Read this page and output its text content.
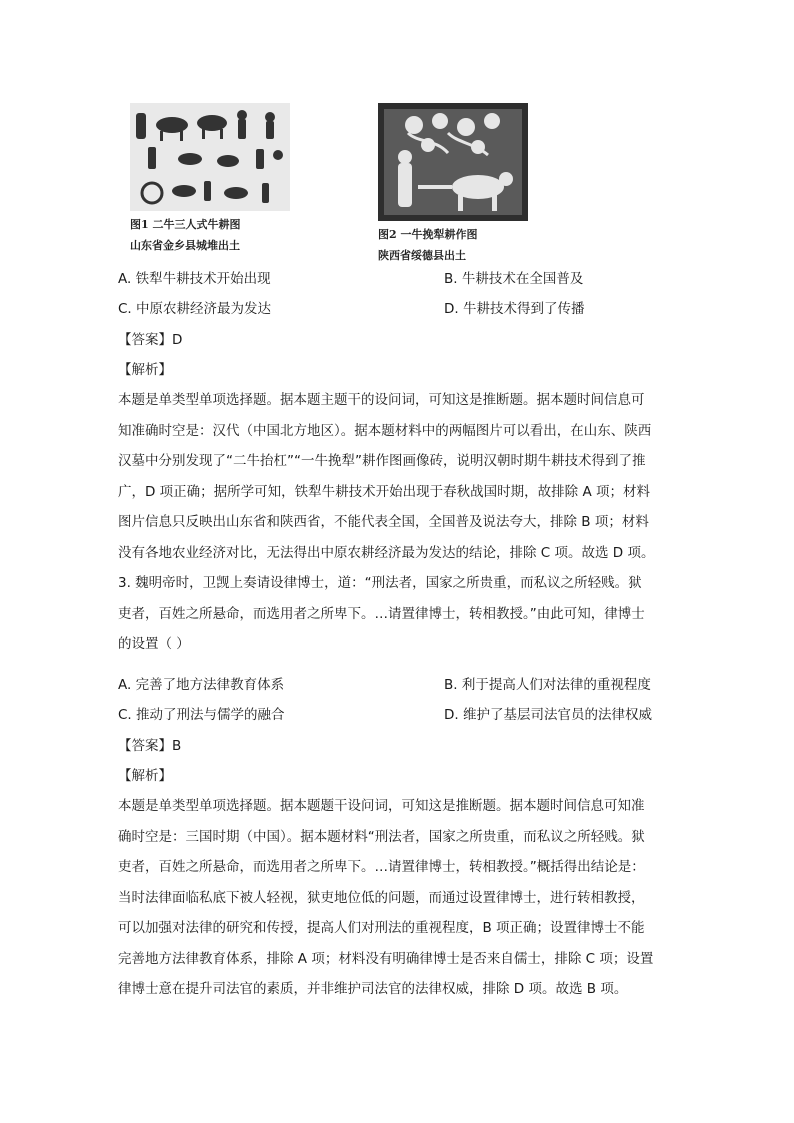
图1 二牛三人式牛耕图
山东省金乡县城堆出土
图2 一牛挽犁耕作图
陕西省绥德县出土
A. 铁犁牛耕技术开始出现	B. 牛耕技术在全国普及
C. 中原农耕经济最为发达	D. 牛耕技术得到了传播
【答案】D
【解析】
本题是单类型单项选择题。据本题主题干的设问词，可知这是推断题。据本题时间信息可
知准确时空是：汉代（中国北方地区）。据本题材料中的两幅图片可以看出，在山东、陕西
汉墓中分别发现了“二牛抬杠”“一牛挽犁”耕作图画像砖，说明汉朝时期牛耕技术得到了推
广，D 项正确；据所学可知，铁犁牛耕技术开始出现于春秋战国时期，故排除 A 项；材料
图片信息只反映出山东省和陕西省，不能代表全国，全国普及说法夸大，排除 B 项；材料
没有各地农业经济对比，无法得出中原农耕经济最为发达的结论，排除 C 项。故选 D 项。
3. 魏明帝时，卫觊上奏请设律博士，道：“刑法者，国家之所贵重，而私议之所轻贱。狱
吏者，百姓之所悬命，而选用者之所卑下。…请置律博士，转相教授。”由此可知，律博士
的设置（ ）
A. 完善了地方法律教育体系	B. 利于提高人们对法律的重视程度
C. 推动了刑法与儒学的融合	D. 维护了基层司法官员的法律权威
【答案】B
【解析】
本题是单类型单项选择题。据本题题干设问词，可知这是推断题。据本题时间信息可知准
确时空是：三国时期（中国）。据本题材料“刑法者，国家之所贵重，而私议之所轻贱。狱
吏者，百姓之所悬命，而选用者之所卑下。…请置律博士，转相教授。”概括得出结论是：
当时法律面临私底下被人轻视，狱吏地位低的问题，而通过设置律博士，进行转相教授，
可以加强对法律的研究和传授，提高人们对刑法的重视程度，B 项正确；设置律博士不能
完善地方法律教育体系，排除 A 项；材料没有明确律博士是否来自儒士，排除 C 项；设置
律博士意在提升司法官的素质，并非维护司法官的法律权威，排除 D 项。故选 B 项。
